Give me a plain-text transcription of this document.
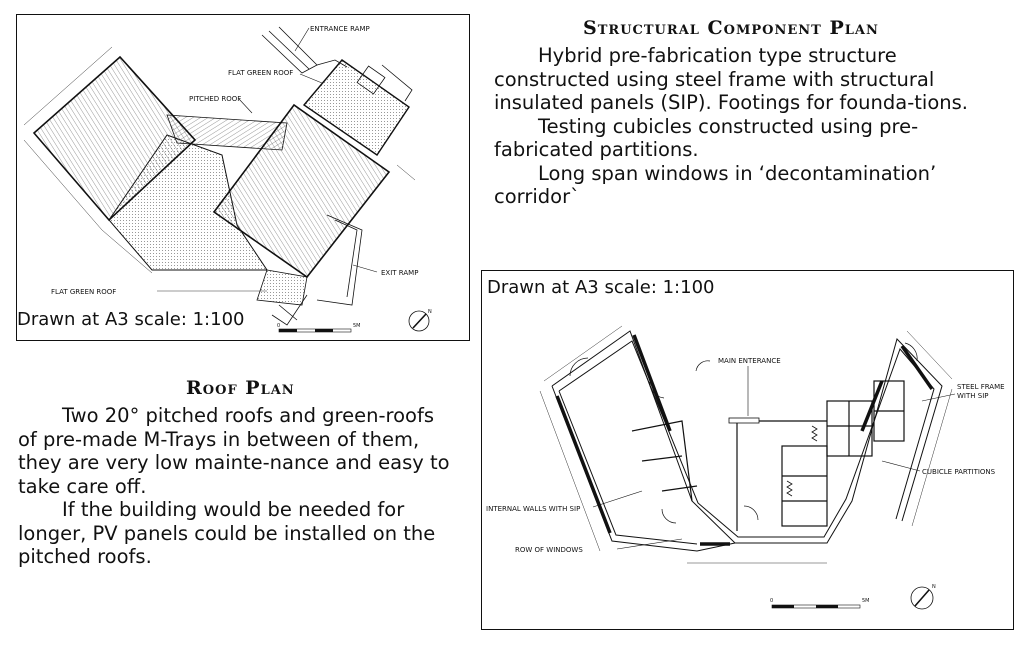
ENTRANCE RAMP
FLAT GREEN ROOF
PITCHED ROOF
EXIT RAMP
FLAT GREEN ROOF
0	5M
N
Drawn at A3 scale: 1:100
Structural Component Plan

Hybrid pre-fabrication type structure constructed using steel frame with structural insulated panels (SIP). Footings for founda-tions.

Testing cubicles constructed using pre-fabricated partitions.

Long span windows in ‘decontamination’ corridor`

Roof Plan

Two 20° pitched roofs and green-roofs of pre-made M-Trays in between of them, they are very low mainte-nance and easy to take care off.

If the building would be needed for longer, PV panels could be installed on the pitched roofs.

MAIN ENTERANCE
STEEL FRAME
WITH SIP
CUBICLE PARTITIONS
INTERNAL WALLS WITH SIP
ROW OF WINDOWS
0	5M
N
Drawn at A3 scale: 1:100
